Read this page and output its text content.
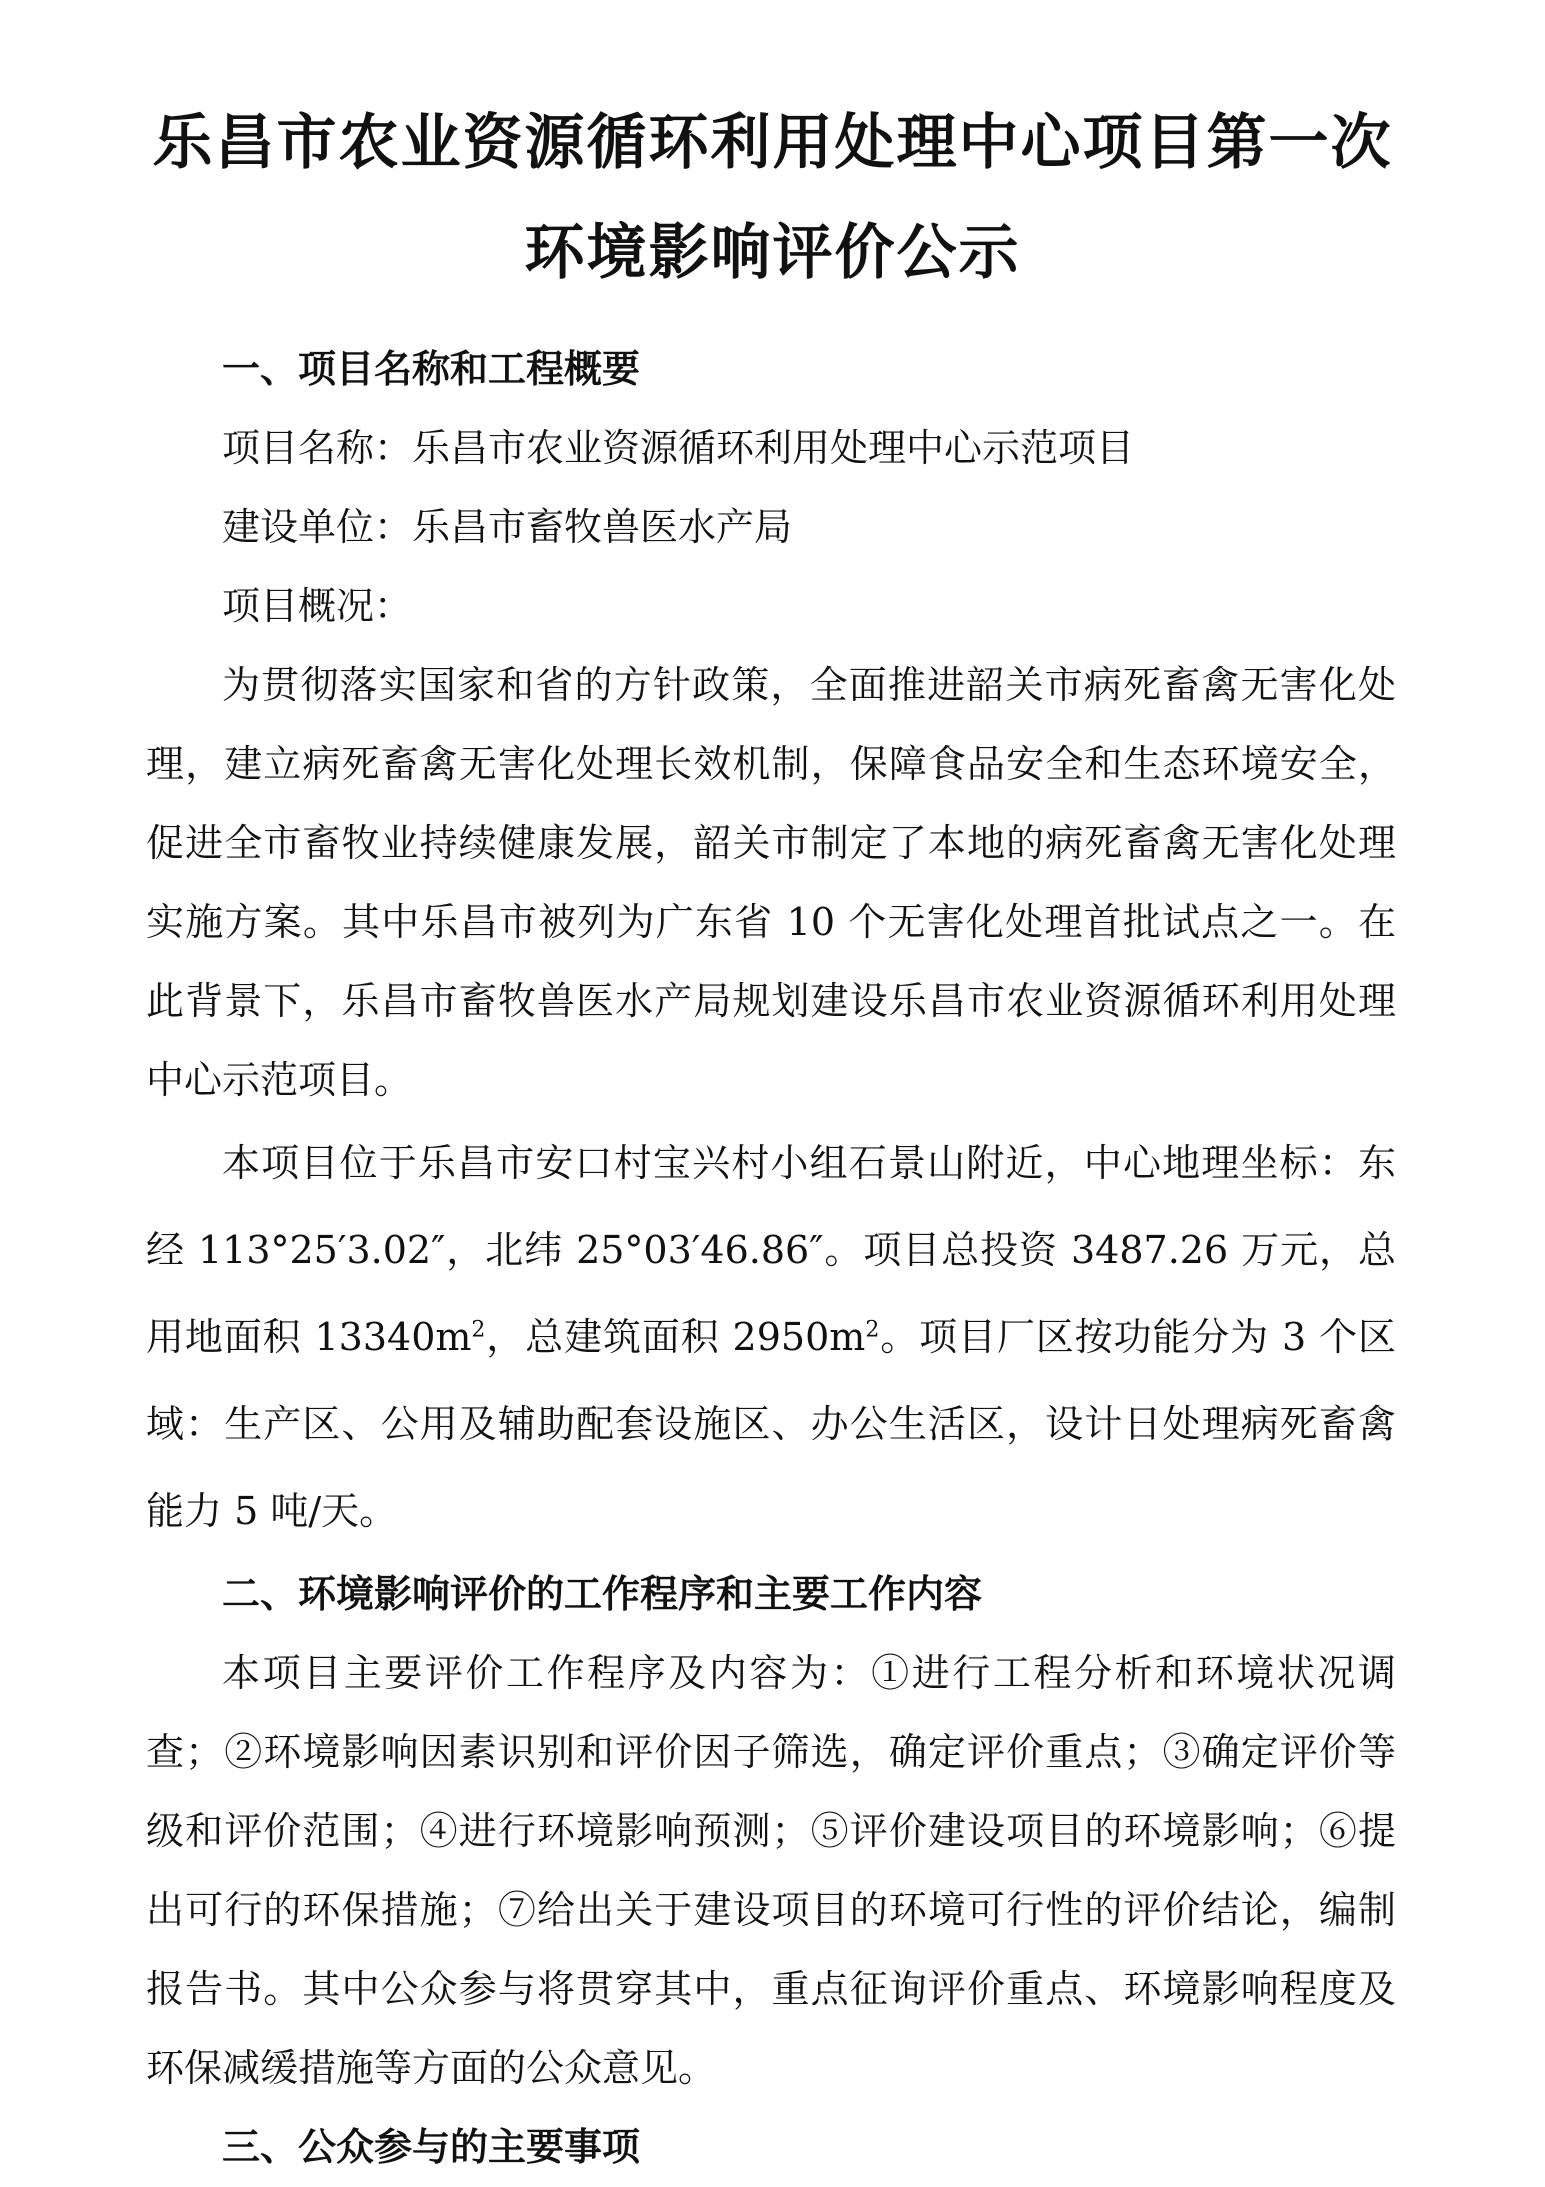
乐昌市农业资源循环利用处理中心项目第一次
环境影响评价公示

一、项目名称和工程概要

项目名称：乐昌市农业资源循环利用处理中心示范项目

建设单位：乐昌市畜牧兽医水产局

项目概况：

为贯彻落实国家和省的方针政策，全面推进韶关市病死畜禽无害化处理，建立病死畜禽无害化处理长效机制，保障食品安全和生态环境安全，促进全市畜牧业持续健康发展，韶关市制定了本地的病死畜禽无害化处理实施方案。其中乐昌市被列为广东省 10 个无害化处理首批试点之一。在此背景下，乐昌市畜牧兽医水产局规划建设乐昌市农业资源循环利用处理中心示范项目。

本项目位于乐昌市安口村宝兴村小组石景山附近，中心地理坐标：东经 113°25′3.02″，北纬 25°03′46.86″。项目总投资 3487.26 万元，总用地面积 $13340m^2$，总建筑面积 $2950m^2$。项目厂区按功能分为 3 个区域：生产区、公用及辅助配套设施区、办公生活区，设计日处理病死畜禽能力 5 吨/天。

二、环境影响评价的工作程序和主要工作内容

本项目主要评价工作程序及内容为：①进行工程分析和环境状况调查；②环境影响因素识别和评价因子筛选，确定评价重点；③确定评价等级和评价范围；④进行环境影响预测；⑤评价建设项目的环境影响；⑥提出可行的环保措施；⑦给出关于建设项目的环境可行性的评价结论，编制报告书。其中公众参与将贯穿其中，重点征询评价重点、环境影响程度及环保减缓措施等方面的公众意见。

三、公众参与的主要事项
